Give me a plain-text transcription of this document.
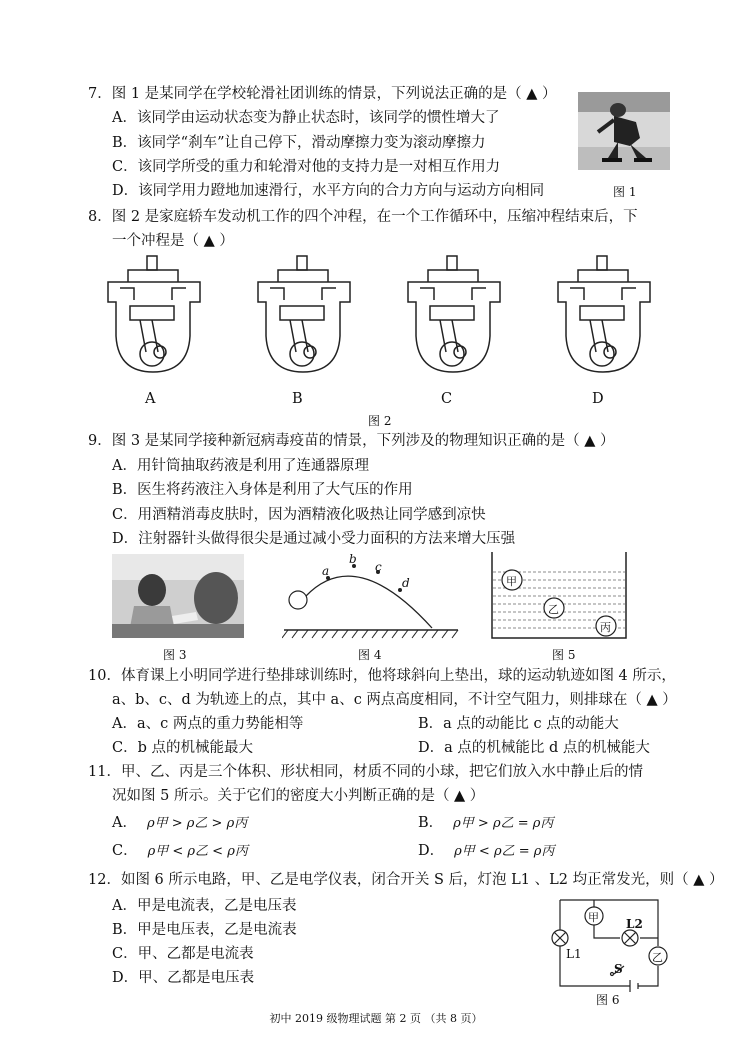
7．图 1 是某同学在学校轮滑社团训练的情景，下列说法正确的是（ ▲ ）
A．该同学由运动状态变为静止状态时，该同学的惯性增大了
B．该同学“刹车”让自己停下，滑动摩擦力变为滚动摩擦力
C．该同学所受的重力和轮滑对他的支持力是一对相互作用力
D．该同学用力蹬地加速滑行，水平方向的合力方向与运动方向相同	图 1
8．图 2 是家庭轿车发动机工作的四个冲程，在一个工作循环中，压缩冲程结束后，下
一个冲程是（ ▲ ）
A	B	C	D
图 2
9．图 3 是某同学接种新冠病毒疫苗的情景，下列涉及的物理知识正确的是（ ▲ ）
A．用针筒抽取药液是利用了连通器原理
B．医生将药液注入身体是利用了大气压的作用
C．用酒精消毒皮肤时，因为酒精液化吸热让同学感到凉快
D．注射器针头做得很尖是通过减小受力面积的方法来增大压强
图 3
a
b
c
d
图 4
甲
乙
丙
图 5
10．体育课上小明同学进行垫排球训练时，他将球斜向上垫出，球的运动轨迹如图 4 所示，
a、b、c、d 为轨迹上的点，其中 a、c 两点高度相同，不计空气阻力，则排球在（ ▲ ）
A．a、c 两点的重力势能相等	B．a 点的动能比 c 点的动能大
C．b 点的机械能最大	D．a 点的机械能比 d 点的机械能大
11．甲、乙、丙是三个体积、形状相同，材质不同的小球，把它们放入水中静止后的情
况如图 5 所示。关于它们的密度大小判断正确的是（ ▲ ）
A． ρ甲 > ρ乙 > ρ丙	B． ρ甲 > ρ乙 = ρ丙
C． ρ甲 < ρ乙 < ρ丙	D． ρ甲 < ρ乙 = ρ丙
12．如图 6 所示电路，甲、乙是电学仪表，闭合开关 S 后，灯泡 L1 、L2 均正常发光，则（ ▲ ）
A．甲是电流表，乙是电压表
B．甲是电压表，乙是电流表
C．甲、乙都是电流表
D．甲、乙都是电压表
甲
乙
L1
L2
S
图 6
初中 2019 级物理试题 第 2 页 （共 8 页）
